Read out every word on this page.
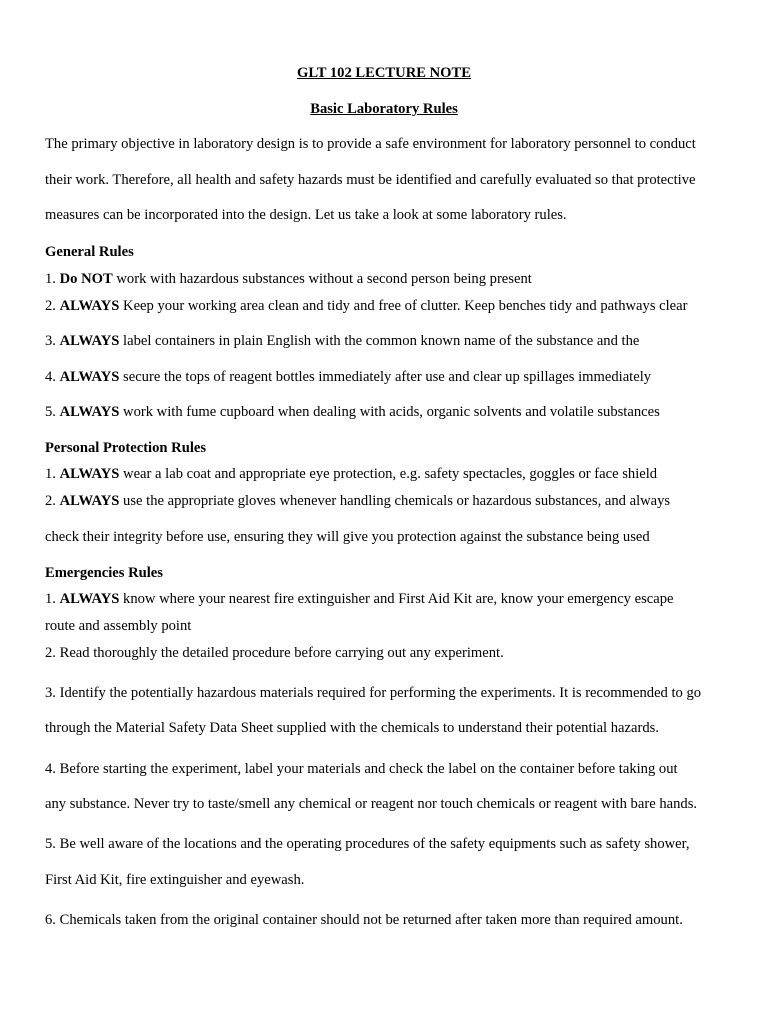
GLT 102 LECTURE NOTE
Basic Laboratory Rules
The primary objective in laboratory design is to provide a safe environment for laboratory personnel to conduct
their work. Therefore, all health and safety hazards must be identified and carefully evaluated so that protective
measures can be incorporated into the design. Let us take a look at some laboratory rules.
General Rules
1. Do NOT work with hazardous substances without a second person being present
2. ALWAYS Keep your working area clean and tidy and free of clutter. Keep benches tidy and pathways clear
3. ALWAYS label containers in plain English with the common known name of the substance and the
4. ALWAYS secure the tops of reagent bottles immediately after use and clear up spillages immediately
5. ALWAYS work with fume cupboard when dealing with acids, organic solvents and volatile substances
Personal Protection Rules
1. ALWAYS wear a lab coat and appropriate eye protection, e.g. safety spectacles, goggles or face shield
2. ALWAYS use the appropriate gloves whenever handling chemicals or hazardous substances, and always
check their integrity before use, ensuring they will give you protection against the substance being used
Emergencies Rules
1. ALWAYS know where your nearest fire extinguisher and First Aid Kit are, know your emergency escape
route and assembly point
2. Read thoroughly the detailed procedure before carrying out any experiment.
3. Identify the potentially hazardous materials required for performing the experiments. It is recommended to go
through the Material Safety Data Sheet supplied with the chemicals to understand their potential hazards.
4. Before starting the experiment, label your materials and check the label on the container before taking out
any substance. Never try to taste/smell any chemical or reagent nor touch chemicals or reagent with bare hands.
5. Be well aware of the locations and the operating procedures of the safety equipments such as safety shower,
First Aid Kit, fire extinguisher and eyewash.
6. Chemicals taken from the original container should not be returned after taken more than required amount.
